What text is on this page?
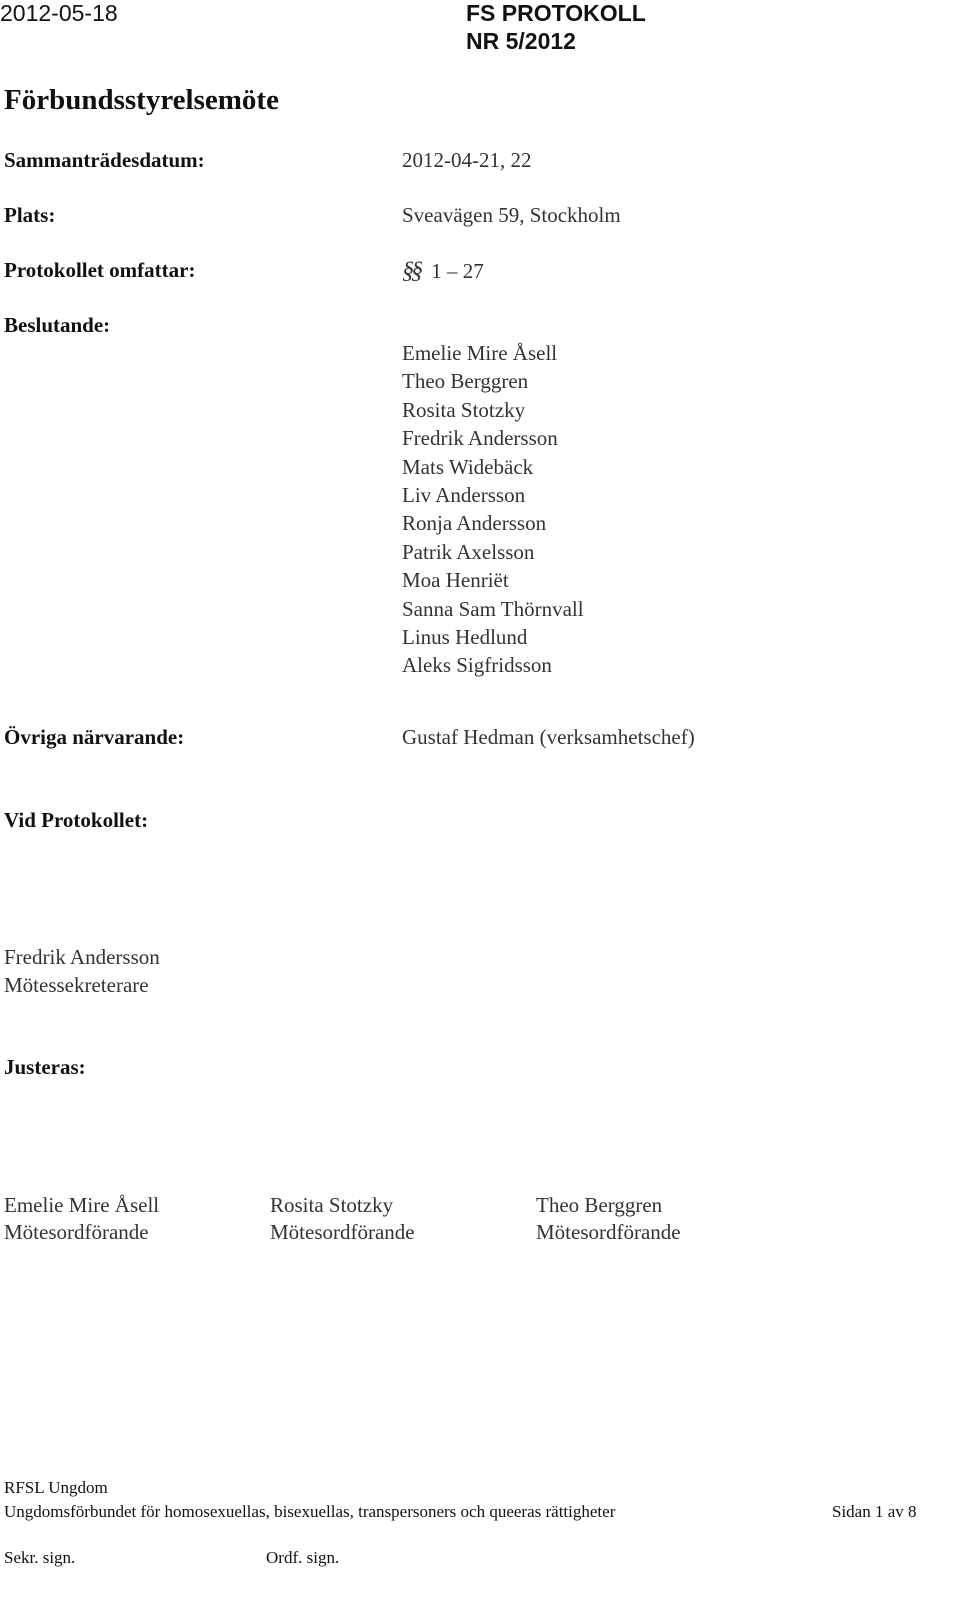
2012-05-18	FS PROTOKOLL
NR 5/2012
Förbundsstyrelsemöte
Sammanträdesdatum:	2012-04-21, 22
Plats:	Sveavägen 59, Stockholm
Protokollet omfattar:	§§ 1 – 27
Beslutande:
Emelie Mire Åsell
Theo Berggren
Rosita Stotzky
Fredrik Andersson
Mats Widebäck
Liv Andersson
Ronja Andersson
Patrik Axelsson
Moa Henriët
Sanna Sam Thörnvall
Linus Hedlund
Aleks Sigfridsson
Övriga närvarande:	Gustaf Hedman (verksamhetschef)
Vid Protokollet:
Fredrik Andersson
Mötessekreterare
Justeras:
Emelie Mire Åsell
Mötesordförande
Rosita Stotzky
Mötesordförande
Theo Berggren
Mötesordförande
RFSL Ungdom
Ungdomsförbundet för homosexuellas, bisexuellas, transpersoners och queeras rättigheter	Sidan 1 av 8
Sekr. sign.	Ordf. sign.
